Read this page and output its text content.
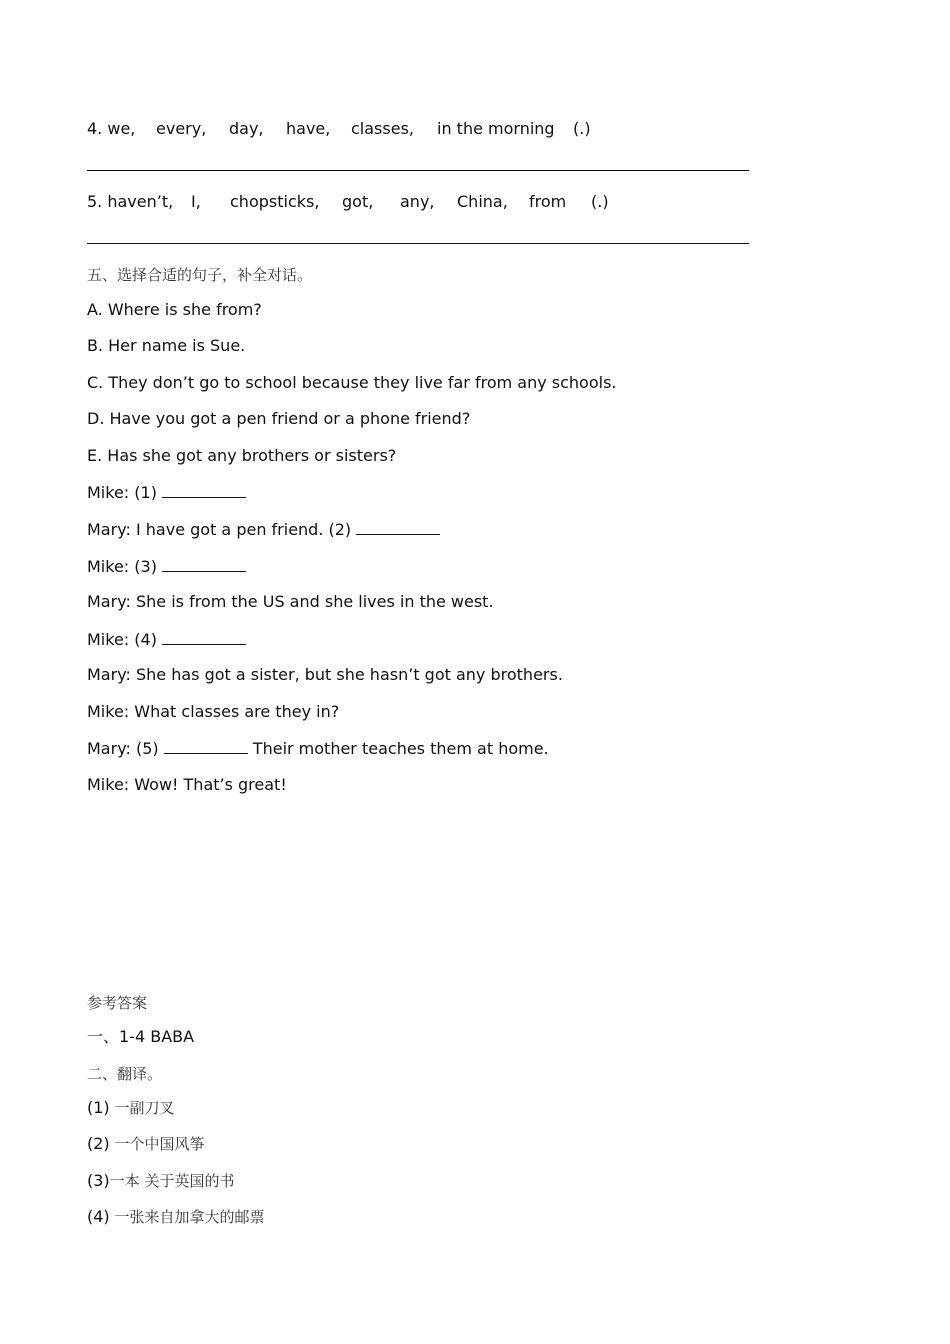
4. we, every, day, have, classes, in the morning (.)
5. haven’t, I, chopsticks, got, any, China, from (.)
五、选择合适的句子，补全对话。
A. Where is she from?
B. Her name is Sue.
C. They don’t go to school because they live far from any schools.
D. Have you got a pen friend or a phone friend?
E. Has she got any brothers or sisters?
Mike: (1)
Mary: I have got a pen friend. (2)
Mike: (3)
Mary: She is from the US and she lives in the west.
Mike: (4)
Mary: She has got a sister, but she hasn’t got any brothers.
Mike: What classes are they in?
Mary: (5)	Their mother teaches them at home.
Mike: Wow! That’s great!
参考答案
一、1-4 BABA
二、翻译。
(1) 一副刀叉
(2) 一个中国风筝
(3)一本 关于英国的书
(4) 一张来自加拿大的邮票
